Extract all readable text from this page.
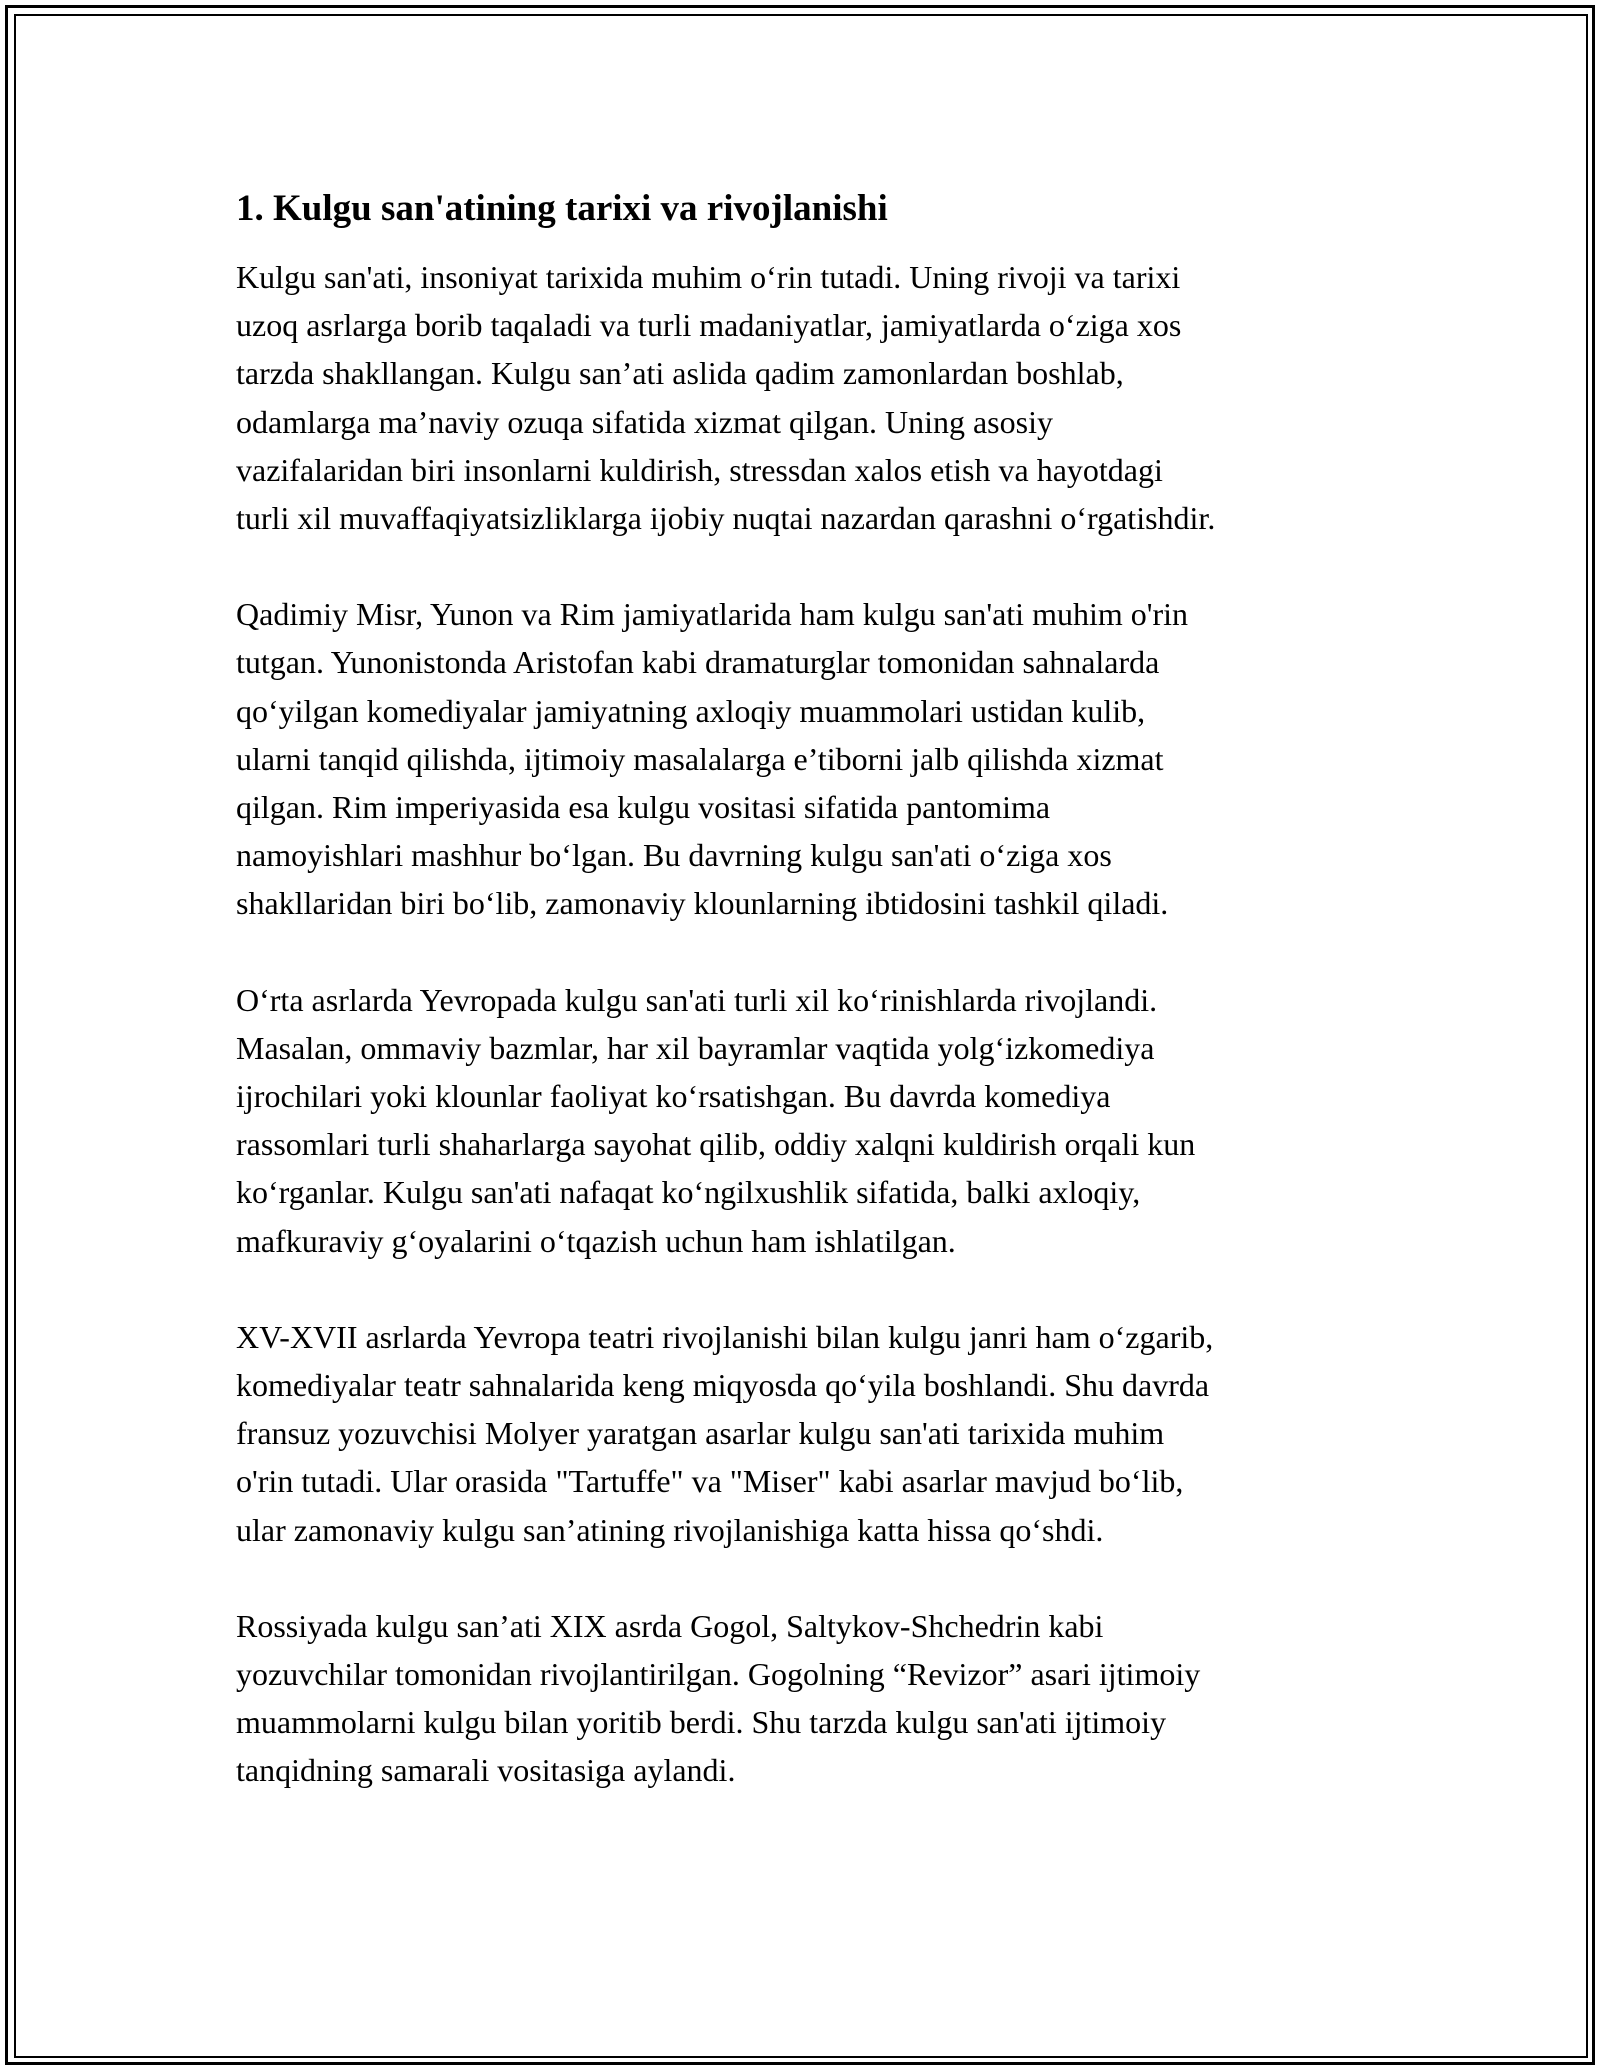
1. Kulgu san'atining tarixi va rivojlanishi

Kulgu san'ati, insoniyat tarixida muhim o‘rin tutadi. Uning rivoji va tarixi
uzoq asrlarga borib taqaladi va turli madaniyatlar, jamiyatlarda o‘ziga xos
tarzda shakllangan. Kulgu san’ati aslida qadim zamonlardan boshlab,
odamlarga ma’naviy ozuqa sifatida xizmat qilgan. Uning asosiy
vazifalaridan biri insonlarni kuldirish, stressdan xalos etish va hayotdagi
turli xil muvaffaqiyatsizliklarga ijobiy nuqtai nazardan qarashni o‘rgatishdir.

Qadimiy Misr, Yunon va Rim jamiyatlarida ham kulgu san'ati muhim o'rin
tutgan. Yunonistonda Aristofan kabi dramaturglar tomonidan sahnalarda
qo‘yilgan komediyalar jamiyatning axloqiy muammolari ustidan kulib,
ularni tanqid qilishda, ijtimoiy masalalarga e’tiborni jalb qilishda xizmat
qilgan. Rim imperiyasida esa kulgu vositasi sifatida pantomima
namoyishlari mashhur bo‘lgan. Bu davrning kulgu san'ati o‘ziga xos
shakllaridan biri bo‘lib, zamonaviy klounlarning ibtidosini tashkil qiladi.

O‘rta asrlarda Yevropada kulgu san'ati turli xil ko‘rinishlarda rivojlandi.
Masalan, ommaviy bazmlar, har xil bayramlar vaqtida yolg‘izkomediya
ijrochilari yoki klounlar faoliyat ko‘rsatishgan. Bu davrda komediya
rassomlari turli shaharlarga sayohat qilib, oddiy xalqni kuldirish orqali kun
ko‘rganlar. Kulgu san'ati nafaqat ko‘ngilxushlik sifatida, balki axloqiy,
mafkuraviy g‘oyalarini o‘tqazish uchun ham ishlatilgan.

XV-XVII asrlarda Yevropa teatri rivojlanishi bilan kulgu janri ham o‘zgarib,
komediyalar teatr sahnalarida keng miqyosda qo‘yila boshlandi. Shu davrda
fransuz yozuvchisi Molyer yaratgan asarlar kulgu san'ati tarixida muhim
o'rin tutadi. Ular orasida "Tartuffe" va "Miser" kabi asarlar mavjud bo‘lib,
ular zamonaviy kulgu san’atining rivojlanishiga katta hissa qo‘shdi.

Rossiyada kulgu san’ati XIX asrda Gogol, Saltykov-Shchedrin kabi
yozuvchilar tomonidan rivojlantirilgan. Gogolning “Revizor” asari ijtimoiy
muammolarni kulgu bilan yoritib berdi. Shu tarzda kulgu san'ati ijtimoiy
tanqidning samarali vositasiga aylandi.
